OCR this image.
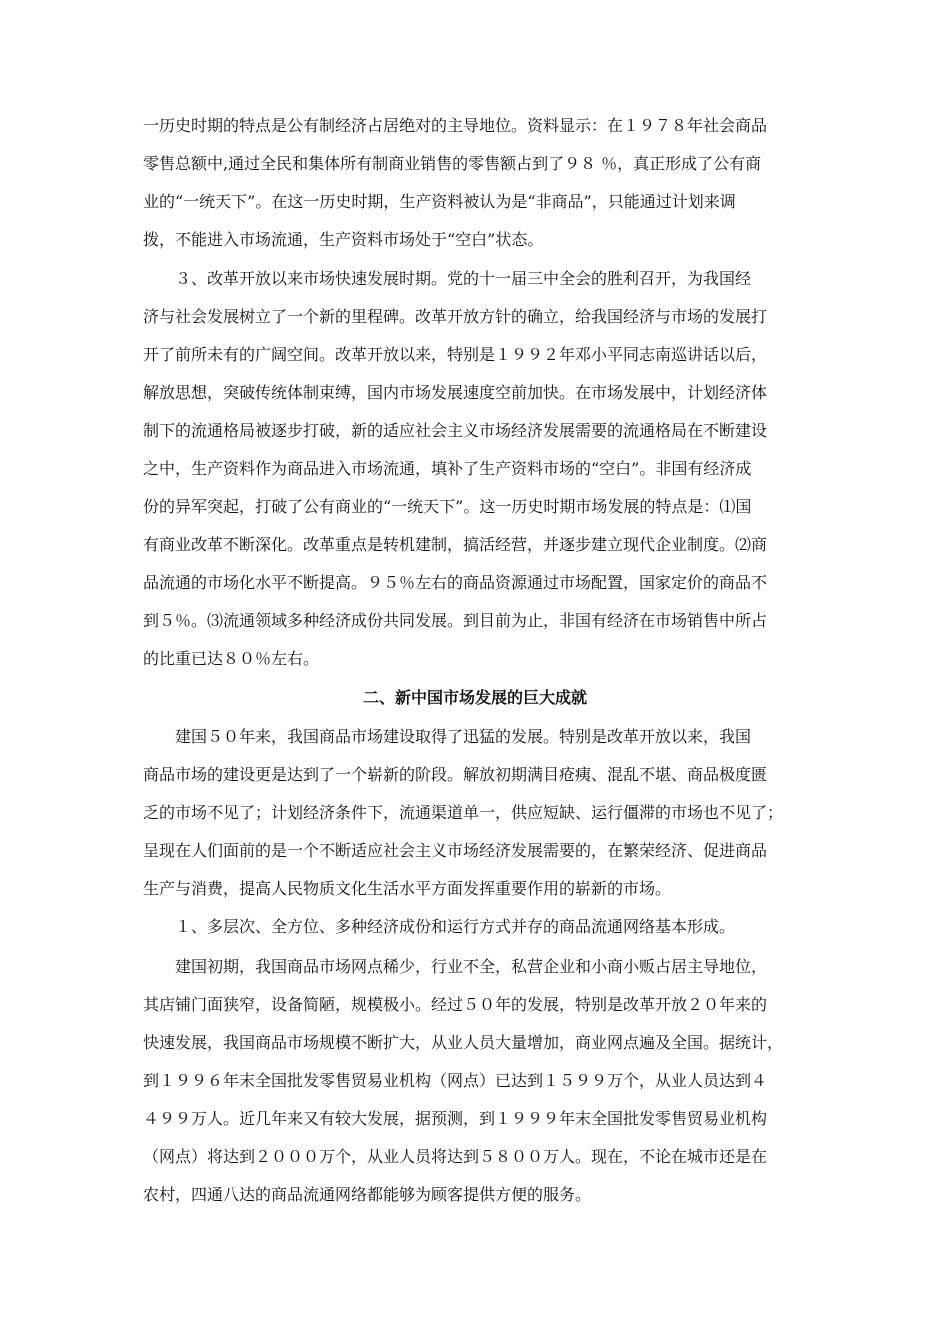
一历史时期的特点是公有制经济占居绝对的主导地位。资料显示：在１９７８年社会商品
零售总额中,通过全民和集体所有制商业销售的零售额占到了９８ ％，真正形成了公有商
业的“一统天下”。在这一历史时期，生产资料被认为是“非商品”，只能通过计划来调
拨，不能进入市场流通，生产资料市场处于“空白”状态。
　　３、改革开放以来市场快速发展时期。党的十一届三中全会的胜利召开，为我国经
济与社会发展树立了一个新的里程碑。改革开放方针的确立，给我国经济与市场的发展打
开了前所未有的广阔空间。改革开放以来，特别是１９９２年邓小平同志南巡讲话以后，
解放思想，突破传统体制束缚，国内市场发展速度空前加快。在市场发展中，计划经济体
制下的流通格局被逐步打破，新的适应社会主义市场经济发展需要的流通格局在不断建设
之中，生产资料作为商品进入市场流通，填补了生产资料市场的“空白”。非国有经济成
份的异军突起，打破了公有商业的“一统天下”。这一历史时期市场发展的特点是：⑴国
有商业改革不断深化。改革重点是转机建制，搞活经营，并逐步建立现代企业制度。⑵商
品流通的市场化水平不断提高。９５％左右的商品资源通过市场配置，国家定价的商品不
到５％。⑶流通领域多种经济成份共同发展。到目前为止，非国有经济在市场销售中所占
的比重已达８０％左右。
二、新中国市场发展的巨大成就
　　建国５０年来，我国商品市场建设取得了迅猛的发展。特别是改革开放以来，我国
商品市场的建设更是达到了一个崭新的阶段。解放初期满目疮痍、混乱不堪、商品极度匮
乏的市场不见了；计划经济条件下，流通渠道单一，供应短缺、运行僵滞的市场也不见了；
呈现在人们面前的是一个不断适应社会主义市场经济发展需要的，在繁荣经济、促进商品
生产与消费，提高人民物质文化生活水平方面发挥重要作用的崭新的市场。
　　１、多层次、全方位、多种经济成份和运行方式并存的商品流通网络基本形成。
　　建国初期，我国商品市场网点稀少，行业不全，私营企业和小商小贩占居主导地位，
其店铺门面狭窄，设备简陋，规模极小。经过５０年的发展，特别是改革开放２０年来的
快速发展，我国商品市场规模不断扩大，从业人员大量增加，商业网点遍及全国。据统计，
到１９９６年末全国批发零售贸易业机构（网点）已达到１５９９万个，从业人员达到４
４９９万人。近几年来又有较大发展，据预测，到１９９９年末全国批发零售贸易业机构
（网点）将达到２０００万个，从业人员将达到５８００万人。现在，不论在城市还是在
农村，四通八达的商品流通网络都能够为顾客提供方便的服务。
